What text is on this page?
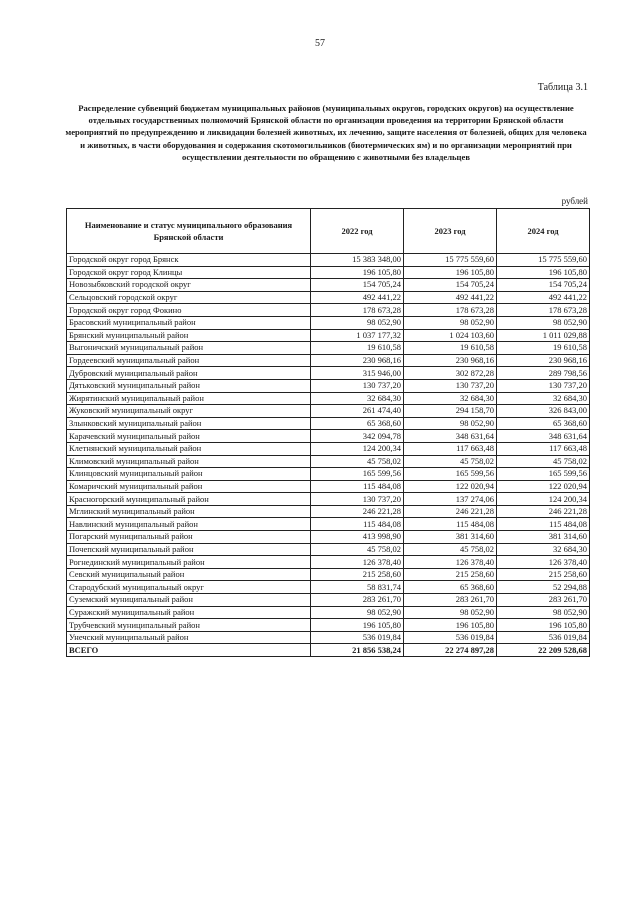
57
Таблица 3.1
Распределение субвенций бюджетам муниципальных районов (муниципальных округов, городских округов) на осуществление отдельных государственных полномочий Брянской области по организации проведения на территории Брянской области мероприятий по предупреждению и ликвидации болезней животных, их лечению, защите населения от болезней, общих для человека и животных, в части оборудования и содержания скотомогильников (биотермических ям) и по организации мероприятий при осуществлении деятельности по обращению с животными без владельцев
рублей
Наименование и статус муниципального образования Брянской области	2022 год	2023 год	2024 год
Городской округ город Брянск	15 383 348,00	15 775 559,60	15 775 559,60
Городской округ город Клинцы	196 105,80	196 105,80	196 105,80
Новозыбковский городской округ	154 705,24	154 705,24	154 705,24
Сельцовский городской округ	492 441,22	492 441,22	492 441,22
Городской округ город Фокино	178 673,28	178 673,28	178 673,28
Брасовский муниципальный район	98 052,90	98 052,90	98 052,90
Брянский муниципальный район	1 037 177,32	1 024 103,60	1 011 029,88
Выгоничский муниципальный район	19 610,58	19 610,58	19 610,58
Гордеевский муниципальный район	230 968,16	230 968,16	230 968,16
Дубровский муниципальный район	315 946,00	302 872,28	289 798,56
Дятьковский муниципальный район	130 737,20	130 737,20	130 737,20
Жирятинский муниципальный район	32 684,30	32 684,30	32 684,30
Жуковский муниципальный округ	261 474,40	294 158,70	326 843,00
Злынковский муниципальный район	65 368,60	98 052,90	65 368,60
Карачевский муниципальный район	342 094,78	348 631,64	348 631,64
Клетнянский муниципальный район	124 200,34	117 663,48	117 663,48
Климовский муниципальный район	45 758,02	45 758,02	45 758,02
Клинцовский муниципальный район	165 599,56	165 599,56	165 599,56
Комаричский муниципальный район	115 484,08	122 020,94	122 020,94
Красногорский муниципальный район	130 737,20	137 274,06	124 200,34
Мглинский муниципальный район	246 221,28	246 221,28	246 221,28
Навлинский муниципальный район	115 484,08	115 484,08	115 484,08
Погарский муниципальный район	413 998,90	381 314,60	381 314,60
Почепский муниципальный район	45 758,02	45 758,02	32 684,30
Рогнединский муниципальный район	126 378,40	126 378,40	126 378,40
Севский муниципальный район	215 258,60	215 258,60	215 258,60
Стародубский муниципальный округ	58 831,74	65 368,60	52 294,88
Суземский муниципальный район	283 261,70	283 261,70	283 261,70
Суражский муниципальный район	98 052,90	98 052,90	98 052,90
Трубчевский муниципальный район	196 105,80	196 105,80	196 105,80
Унечский муниципальный район	536 019,84	536 019,84	536 019,84
ВСЕГО	21 856 538,24	22 274 897,28	22 209 528,68
